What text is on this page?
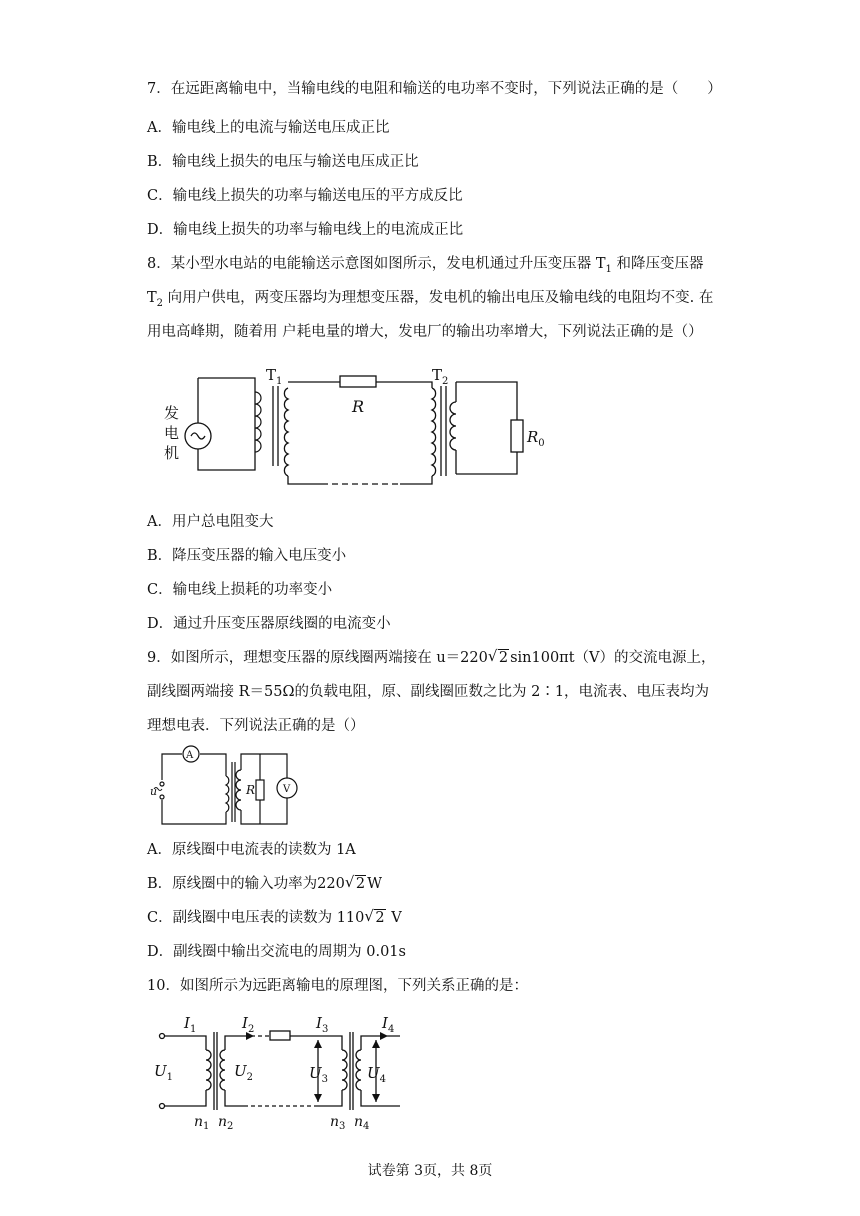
7．在远距离输电中，当输电线的电阻和输送的电功率不变时，下列说法正确的是（　　）
A．输电线上的电流与输送电压成正比
B．输电线上损失的电压与输送电压成正比
C．输电线上损失的功率与输送电压的平方成反比
D．输电线上损失的功率与输电线上的电流成正比
8．某小型水电站的电能输送示意图如图所示，发电机通过升压变压器 $T_1$ 和降压变压器
$T_2$ 向用户供电，两变压器均为理想变压器，发电机的输出电压及输电线的电阻均不变. 在
用电高峰期，随着用 户耗电量的增大，发电厂的输出功率增大，下列说法正确的是（）
发
电
机
$T_1$
R
$T_2$
$R_0$
A．用户总电阻变大
B．降压变压器的输入电压变小
C．输电线上损耗的功率变小
D．通过升压变压器原线圈的电流变小
9．如图所示，理想变压器的原线圈两端接在 u＝220 √ 2 sin100πt（V）的交流电源上，
副线圈两端接 R＝55Ω的负载电阻，原、副线圈匝数之比为 2∶1，电流表、电压表均为
理想电表．下列说法正确的是（）
A
V
R
u
A．原线圈中电流表的读数为 1A
B．原线圈中的输入功率为220 √ 2 W
C．副线圈中电压表的读数为 110 √ 2 V
D．副线圈中输出交流电的周期为 0.01s
10．如图所示为远距离输电的原理图，下列关系正确的是：
$I_1$	$I_2$	$I_3$	$I_4$
$U_1$	$U_2$	$U_3$	$U_4$
$n_1$ $n_2$	$n_3$ $n_4$
试卷第 3页，共 8页
